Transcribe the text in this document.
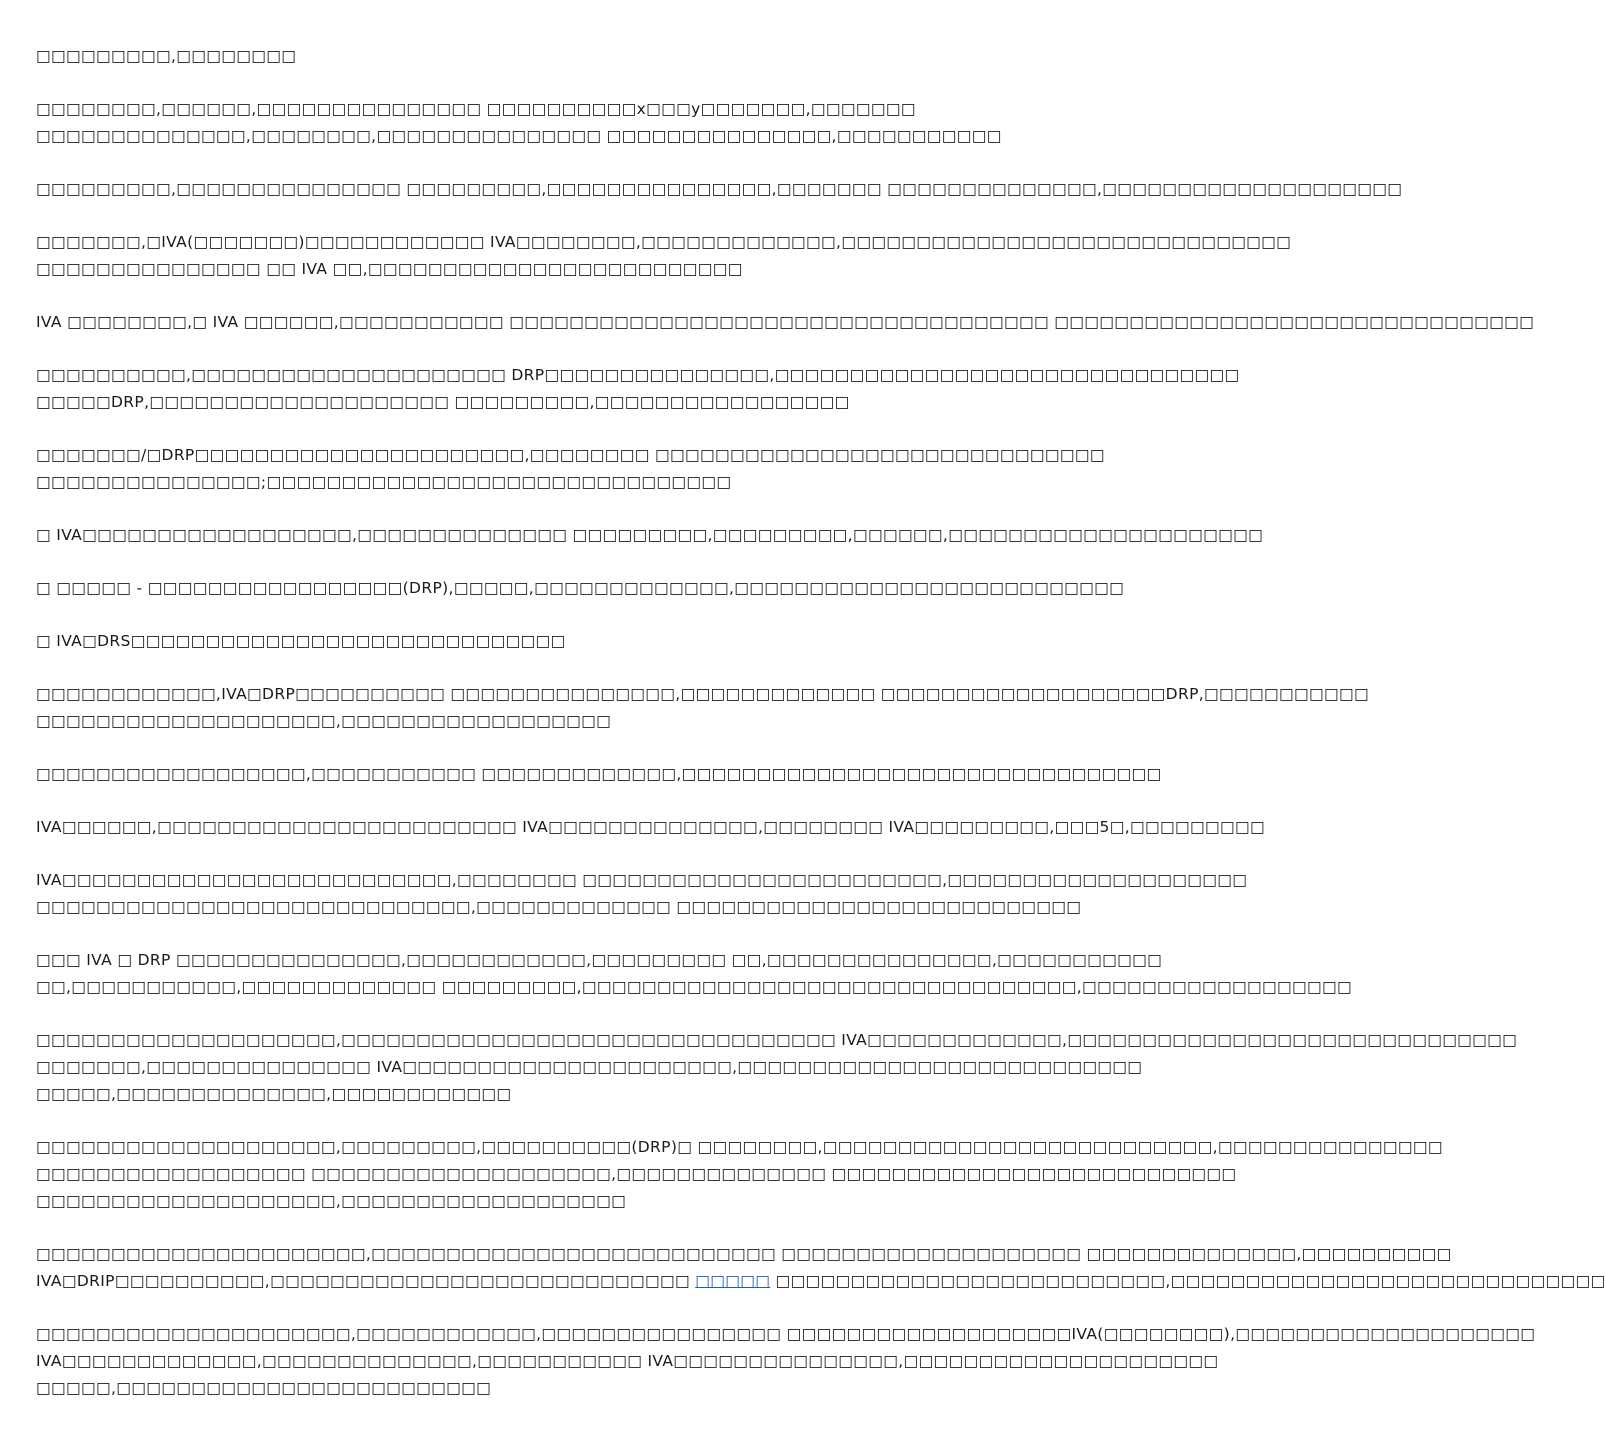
□□□□□□□□□,□□□□□□□□

□□□□□□□□,□□□□□□,□□□□□□□□□□□□□□□ □□□□□□□□□□x□□□y□□□□□□□,□□□□□□□
□□□□□□□□□□□□□□,□□□□□□□□,□□□□□□□□□□□□□□□ □□□□□□□□□□□□□□□,□□□□□□□□□□□

□□□□□□□□□,□□□□□□□□□□□□□□□ □□□□□□□□□,□□□□□□□□□□□□□□□,□□□□□□□ □□□□□□□□□□□□□□,□□□□□□□□□□□□□□□□□□□□

□□□□□□□,□IVA(□□□□□□□)□□□□□□□□□□□□ IVA□□□□□□□□,□□□□□□□□□□□□□,□□□□□□□□□□□□□□□□□□□□□□□□□□□□□□
□□□□□□□□□□□□□□□ □□ IVA □□,□□□□□□□□□□□□□□□□□□□□□□□□□

IVA □□□□□□□□,□ IVA □□□□□□,□□□□□□□□□□□ □□□□□□□□□□□□□□□□□□□□□□□□□□□□□□□□□□□□ □□□□□□□□□□□□□□□□□□□□□□□□□□□□□□□□

□□□□□□□□□□,□□□□□□□□□□□□□□□□□□□□□ DRP□□□□□□□□□□□□□□□,□□□□□□□□□□□□□□□□□□□□□□□□□□□□□□□
□□□□□DRP,□□□□□□□□□□□□□□□□□□□□ □□□□□□□□□,□□□□□□□□□□□□□□□□□

□□□□□□□/□DRP□□□□□□□□□□□□□□□□□□□□□□,□□□□□□□□ □□□□□□□□□□□□□□□□□□□□□□□□□□□□□□
□□□□□□□□□□□□□□□;□□□□□□□□□□□□□□□□□□□□□□□□□□□□□□□

□ IVA□□□□□□□□□□□□□□□□□□,□□□□□□□□□□□□□□ □□□□□□□□□,□□□□□□□□□,□□□□□□,□□□□□□□□□□□□□□□□□□□□□

□ □□□□□ - □□□□□□□□□□□□□□□□□(DRP),□□□□□,□□□□□□□□□□□□□,□□□□□□□□□□□□□□□□□□□□□□□□□□

□ IVA□DRS□□□□□□□□□□□□□□□□□□□□□□□□□□□□□

□□□□□□□□□□□□,IVA□DRP□□□□□□□□□□ □□□□□□□□□□□□□□□,□□□□□□□□□□□□□ □□□□□□□□□□□□□□□□□□□DRP,□□□□□□□□□□□
□□□□□□□□□□□□□□□□□□□□,□□□□□□□□□□□□□□□□□□

□□□□□□□□□□□□□□□□□□,□□□□□□□□□□□ □□□□□□□□□□□□□,□□□□□□□□□□□□□□□□□□□□□□□□□□□□□□□□

IVA□□□□□□,□□□□□□□□□□□□□□□□□□□□□□□□ IVA□□□□□□□□□□□□□□,□□□□□□□□ IVA□□□□□□□□□,□□□5□,□□□□□□□□□

IVA□□□□□□□□□□□□□□□□□□□□□□□□□□,□□□□□□□□ □□□□□□□□□□□□□□□□□□□□□□□□,□□□□□□□□□□□□□□□□□□□□
□□□□□□□□□□□□□□□□□□□□□□□□□□□□□,□□□□□□□□□□□□□ □□□□□□□□□□□□□□□□□□□□□□□□□□□

□□□ IVA □ DRP □□□□□□□□□□□□□□□,□□□□□□□□□□□□,□□□□□□□□□ □□,□□□□□□□□□□□□□□□,□□□□□□□□□□□
□□,□□□□□□□□□□□,□□□□□□□□□□□□□ □□□□□□□□□,□□□□□□□□□□□□□□□□□□□□□□□□□□□□□□□□□,□□□□□□□□□□□□□□□□□□

□□□□□□□□□□□□□□□□□□□□,□□□□□□□□□□□□□□□□□□□□□□□□□□□□□□□□□ IVA□□□□□□□□□□□□□,□□□□□□□□□□□□□□□□□□□□□□□□□□□□□□
□□□□□□□,□□□□□□□□□□□□□□□ IVA□□□□□□□□□□□□□□□□□□□□□□,□□□□□□□□□□□□□□□□□□□□□□□□□□□
□□□□□,□□□□□□□□□□□□□□,□□□□□□□□□□□□

□□□□□□□□□□□□□□□□□□□□,□□□□□□□□□,□□□□□□□□□□(DRP)□ □□□□□□□□,□□□□□□□□□□□□□□□□□□□□□□□□□□,□□□□□□□□□□□□□□□
□□□□□□□□□□□□□□□□□□ □□□□□□□□□□□□□□□□□□□□,□□□□□□□□□□□□□□ □□□□□□□□□□□□□□□□□□□□□□□□□□□
□□□□□□□□□□□□□□□□□□□□,□□□□□□□□□□□□□□□□□□□

□□□□□□□□□□□□□□□□□□□□□□,□□□□□□□□□□□□□□□□□□□□□□□□□□□ □□□□□□□□□□□□□□□□□□□□ □□□□□□□□□□□□□□,□□□□□□□□□□
IVA□DRIP□□□□□□□□□□,□□□□□□□□□□□□□□□□□□□□□□□□□□□□ □□□□□ □□□□□□□□□□□□□□□□□□□□□□□□□□,□□□□□□□□□□□□□□□□□□□□□□□□□□□□□

□□□□□□□□□□□□□□□□□□□□□,□□□□□□□□□□□□,□□□□□□□□□□□□□□□□ □□□□□□□□□□□□□□□□□□□IVA(□□□□□□□□),□□□□□□□□□□□□□□□□□□□□
IVA□□□□□□□□□□□□□,□□□□□□□□□□□□□□,□□□□□□□□□□□ IVA□□□□□□□□□□□□□□□,□□□□□□□□□□□□□□□□□□□□□
□□□□□,□□□□□□□□□□□□□□□□□□□□□□□□□
